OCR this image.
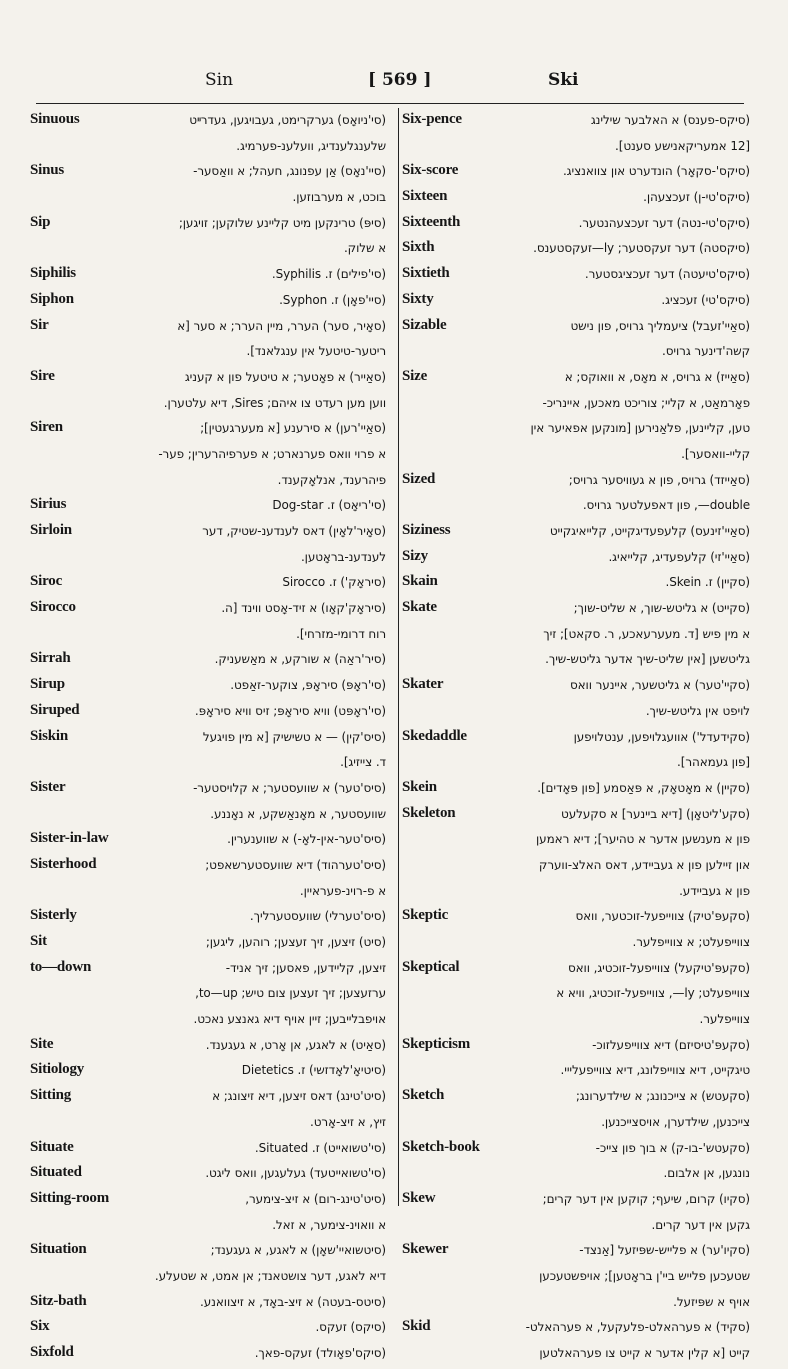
Sin	[ 569 ]	Ski
Sinuous	(סי'ניואָס) גערקרימט, געבויגען, געדרײט
שלענגלענדיג, וועלענ-פערמיג.
Sinus	(סיי'נאָס) אַן עפנונג, חעהל; א וואַסער-
בוכט, א מערבוזען.
Sip	(סיפּ) טרינקען מיט קליינע שלוקען; זויגען;
א שלוק.
Siphilis	(סי'פילים) ז. Syphilis.
Siphon	(סיי'פאָן) ז. Syphon.
Sir	(סאָיר, סער) הערר, מיין הערר; א סער [א
ריטער-טיטעל אין ענגלאנד].
Sire	(סאַייר) א פאָטער; א טיטעל פון א קעניג
ווען מען רעדט צו איהם; Sires, דיא עלטערן.
Siren	(סאַיי'רען) א סירענע [א מעערגעטין];
א פרוי וואס פערנארט; א פערפיהרערין; פער-
פיהרענד, אנלאָקענד.
Sirius	(סי'ריאָס) ז. Dog-star
Sirloin	(סאָיר'לאָין) דאס לענדענ-שטיק, דער
לענדענ-בראָטען.
Siroc	(סיראָק') ז. Sirocco
Sirocco	(סיראָק'קאָו) א זיד-אָסט ווינד [ה.
רוח דרומי-מזרחי].
Sirrah	(סיר'ראַה) א שורקע, א מאַשעניק.
Sirup	(סי'ראָפּ) סיראָפּ, צוקער-זאַפט.
Siruped	(סי'ראָפּט) וויא סיראָפּ; זיס וויא סיראָפּ.
Siskin	(סיס'קין) — א טשישיק [א מין פויגעל
ד. צייזיג].
Sister	(סיס'טער) א שוועסטער; א קלויסטער-
שוועסטער, א מאָנאַשקע, א נאָננע.
Sister-in-law	(סיס'טער-אין-לאָ-) א שווענערין.
Sisterhood	(סיס'טערהוד) דיא שוועסטערשאפט;
א פ-רוינ-פעראיין.
Sisterly	(סיס'טערלי) שוועסטערליך.
Sit	(סיט) זיצען, זיך זעצען; רוהען, ליגען;
to—down	זיצען, קליידען, פאסען; זיך אניד-
ערזעצען; זיך זעצען צום טיש; to—up,
אויפבלייבען; זיין אויף דיא גאנצע נאכט.
Site	(סאַיט) א לאגע, אן אָרט, א געגענד.
Sitiology	(סיטיאָ'לאָדזשי) ז. Dietetics
Sitting	(סיט'טינג) דאס זיצען, דיא זיצונג; א
זיץ, א זיצ-אָרט.
Situate	(סי'טשואייט) ז. Situated.
Situated	(סי'טשואייטעד) געלעגען, וואס ליגט.
Sitting-room	(סיט'טינג-רום) א זיצ-צימער,
א וואוינ-צימער, א זאל.
Situation	(סיטשואיי'שאָן) א לאגע, א געגענד;
דיא לאגע, דער צושטאנד; אן אמט, א שטעלע.
Sitz-bath	(סיטס-בעטה) א זיצ-באָד, א זיצוואנע.
Six	(סיקס) זעקס.
Sixfold	(סיקס'פאָולד) זעקס-פאך.
Six-pence	(סיקס-פענס) א האלבער שילינג
[12 אמעריקאנישע סענט].
Six-score	(סיקס'-סקאָר) הונדערט און צוואנציג.
Sixteen	(סיקס'טי-ן) זעכצעהן.
Sixteenth	(סיקס'טי-נטה) דער זעכצעהנטער.
Sixth	(סיקסטה) דער זעקסטער; ly—זעקסטענס.
Sixtieth	(סיקס'טיעטה) דער זעכציגסטער.
Sixty	(סיקס'טי) זעכציג.
Sizable	(סאַיי'זעבל) ציעמליך גרויס, פון נישט
קשה'דינער גרויס.
Size	(סאַייז) א גרויס, א מאָס, א וואוקס; א
פאָרמאַט, א קליי; צוריכט מאכען, איינריכ-
טען, קליינען, פלאַנירען [מונקען אפאיער אין
קליי-וואסער].
Sized	(סאַייזד) גרויס, פון א געוויסער גרויס;
double—, פון דאפעלטער גרויס.
Siziness	(סאַיי'זינעס) קלעפעדיגקייט, קלייאיגקייט
Sizy	(סאַיי'זי) קלעפעדיג, קלייאיג.
Skain	(סקיין) ז. Skein.
Skate	(סקייט) א גליטש-שוך, א שליט-שוך;
א מין פיש [ד. מעערעאכע, ר. סקאט]; זיך
גליטשען [אין שליט-שיך אדער גליטש-שיך.
Skater	(סקיי'טער) א גליטשער, איינער וואס
לויפט אין גליטש-שיך.
Skedaddle	(סקידעדל') אוועגלויפען, ענטלויפען
[פון געמאהר].
Skein	(סקיין) א מאָטאָק, א פּאַסמע [פון פּאָדים].
Skeleton	(סקע'ליטאָן) [דיא ביינער] א סקעלעט
פון א מענשען אדער א טהיער]; דיא ראמען
און זיילען פון א געביידע, דאס האלצ-ווערק
פון א געביידע.
Skeptic	(סקעפּ'טיק) צווייפעל-זוכטער, וואס
צווייפעלט; א צווייפלער.
Skeptical	(סקעפּ'טיקעל) צווייפעל-זוכטיג, וואס
צווייפעלט; ly—, צווייפעל-זוכטיג, וויא א
צווייפלער.
Skepticism	(סקעפּ'טיסיזם) דיא צווייפעלזוכ-
טיגקייט, דיא צווייפלונג, דיא צווייפעלייי.
Sketch	(סקעטש) א צייכנונג; א שילדערונג;
צייכנען, שילדערן, אויסצייכנען.
Sketch-book	(סקעטש'-בו-ק) א בוך פון צייכ-
נונגען, אן אלבום.
Skew	(סקיו) קרום, שיעף; קוקען אין דער קרים;
גקען אין דער קרים.
Skewer	(סקיו'ער) א פלייש-שפּיזעל [אַנצד-
שטעכען פלייש ביי'ן בראָטען]; אויפשטעכען
אויף א שפּיזעל.
Skid	(סקיד) א פערהאלט-פלעקעל, א פערהאלט-
קייט [א קלין אדער א קייט צו פערהאלטען
